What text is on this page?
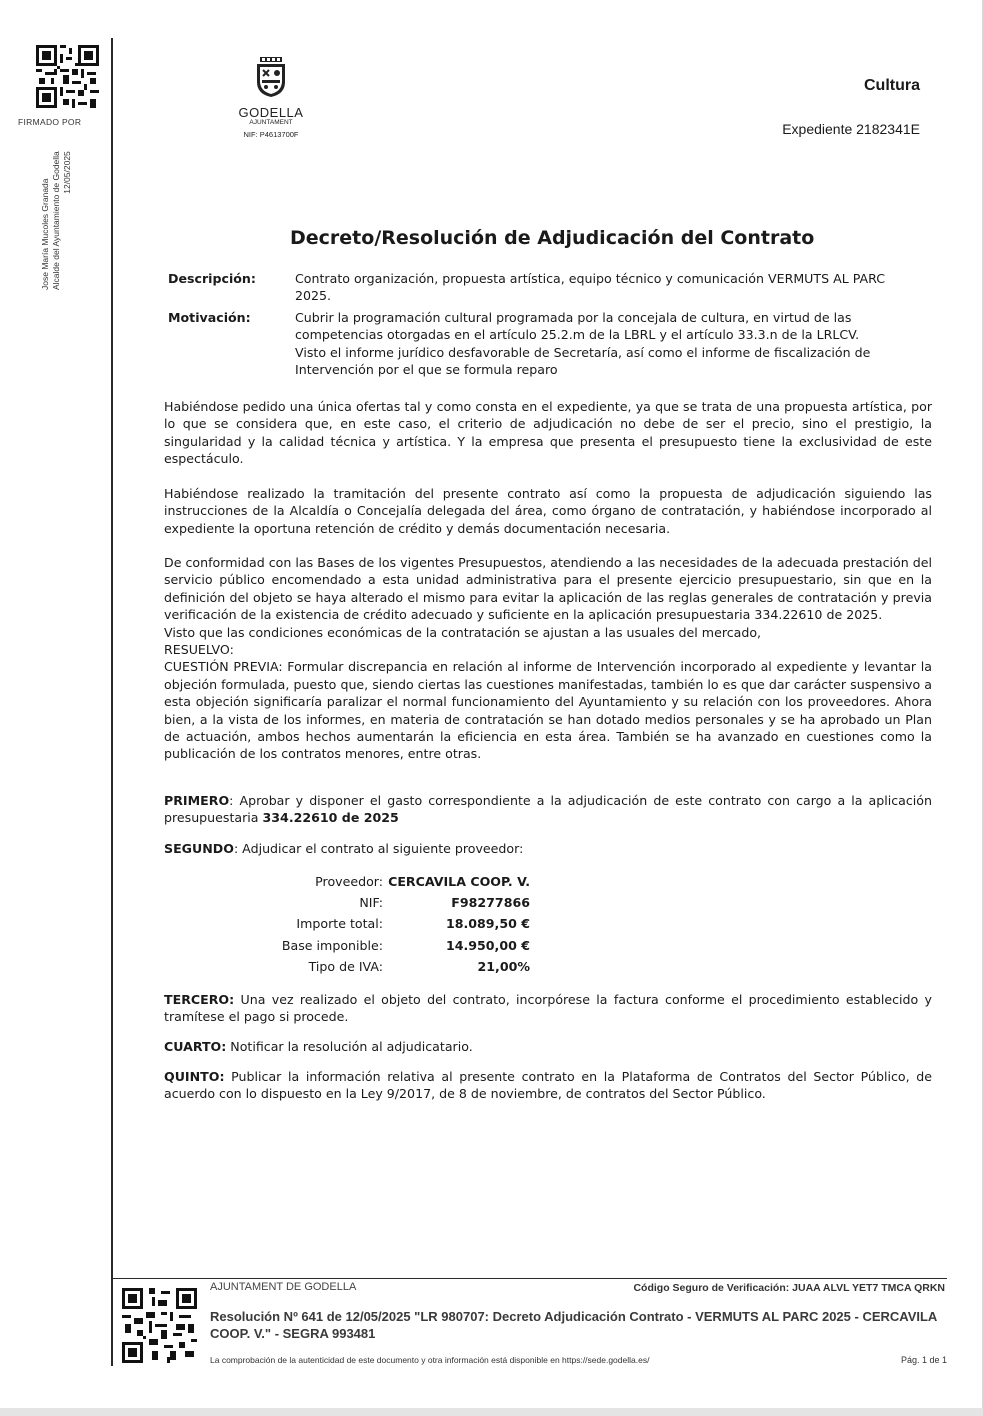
FIRMADO POR
Jose María Mucoles Granada Alcalde del Ayuntamiento de Godella 12/05/2025
GODELLA
AJUNTAMENT
NIF: P4613700F
Cultura
Expediente 2182341E
Decreto/Resolución de Adjudicación del Contrato
Descripción:	Contrato organización, propuesta artística, equipo técnico y comunicación VERMUTS AL PARC
2025.
Motivación:	Cubrir la programación cultural programada por la concejala de cultura, en virtud de las
competencias otorgadas en el artículo 25.2.m de la LBRL y el artículo 33.3.n de la LRLCV.
Visto el informe jurídico desfavorable de Secretaría, así como el informe de fiscalización de
Intervención por el que se formula reparo
Habiéndose pedido una única ofertas tal y como consta en el expediente, ya que se trata de una propuesta artística, por lo que se considera que, en este caso, el criterio de adjudicación no debe de ser el precio, sino el prestigio, la singularidad y la calidad técnica y artística. Y la empresa que presenta el presupuesto tiene la exclusividad de este espectáculo.
Habiéndose realizado la tramitación del presente contrato así como la propuesta de adjudicación siguiendo las instrucciones de la Alcaldía o Concejalía delegada del área, como órgano de contratación, y habiéndose incorporado al expediente la oportuna retención de crédito y demás documentación necesaria.
De conformidad con las Bases de los vigentes Presupuestos, atendiendo a las necesidades de la adecuada prestación del servicio público encomendado a esta unidad administrativa para el presente ejercicio presupuestario, sin que en la definición del objeto se haya alterado el mismo para evitar la aplicación de las reglas generales de contratación y previa verificación de la existencia de crédito adecuado y suficiente en la aplicación presupuestaria 334.22610 de 2025.
Visto que las condiciones económicas de la contratación se ajustan a las usuales del mercado,
RESUELVO:
CUESTIÓN PREVIA: Formular discrepancia en relación al informe de Intervención incorporado al expediente y levantar la objeción formulada, puesto que, siendo ciertas las cuestiones manifestadas, también lo es que dar carácter suspensivo a esta objeción significaría paralizar el normal funcionamiento del Ayuntamiento y su relación con los proveedores. Ahora bien, a la vista de los informes, en materia de contratación se han dotado medios personales y se ha aprobado un Plan de actuación, ambos hechos aumentarán la eficiencia en esta área. También se ha avanzado en cuestiones como la publicación de los contratos menores, entre otras.
PRIMERO: Aprobar y disponer el gasto correspondiente a la adjudicación de este contrato con cargo a la aplicación presupuestaria 334.22610 de 2025
SEGUNDO: Adjudicar el contrato al siguiente proveedor:
Proveedor: CERCAVILA COOP. V.
NIF:	F98277866
Importe total:	18.089,50 €
Base imponible:	14.950,00 €
Tipo de IVA:	21,00%
TERCERO: Una vez realizado el objeto del contrato, incorpórese la factura conforme el procedimiento establecido y tramítese el pago si procede.
CUARTO: Notificar la resolución al adjudicatario.
QUINTO: Publicar la información relativa al presente contrato en la Plataforma de Contratos del Sector Público, de acuerdo con lo dispuesto en la Ley 9/2017, de 8 de noviembre, de contratos del Sector Público.
AJUNTAMENT DE GODELLA	Código Seguro de Verificación: JUAA ALVL YET7 TMCA QRKN
Resolución Nº 641 de 12/05/2025 "LR 980707: Decreto Adjudicación Contrato - VERMUTS AL PARC 2025 - CERCAVILA COOP. V." - SEGRA 993481
La comprobación de la autenticidad de este documento y otra información está disponible en https://sede.godella.es/	Pág. 1 de 1
